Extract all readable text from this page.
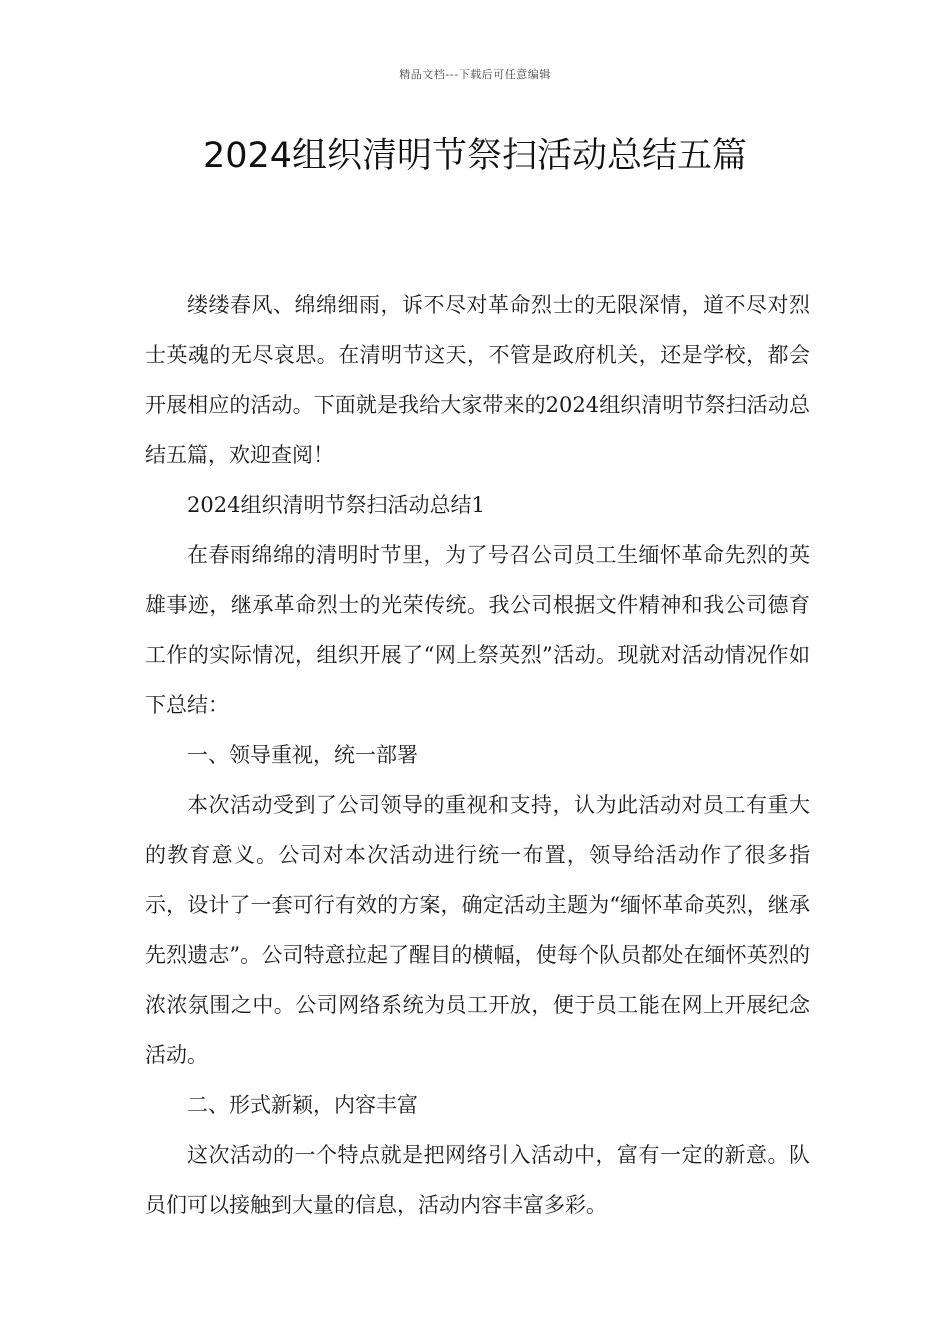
精品文档---下载后可任意编辑
2024组织清明节祭扫活动总结五篇

缕缕春风、绵绵细雨，诉不尽对革命烈士的无限深情，道不尽对烈士英魂的无尽哀思。在清明节这天，不管是政府机关，还是学校，都会开展相应的活动。下面就是我给大家带来的2024组织清明节祭扫活动总结五篇，欢迎查阅！

2024组织清明节祭扫活动总结1

在春雨绵绵的清明时节里，为了号召公司员工生缅怀革命先烈的英雄事迹，继承革命烈士的光荣传统。我公司根据文件精神和我公司德育工作的实际情况，组织开展了“网上祭英烈”活动。现就对活动情况作如下总结：

一、领导重视，统一部署

本次活动受到了公司领导的重视和支持，认为此活动对员工有重大的教育意义。公司对本次活动进行统一布置，领导给活动作了很多指示，设计了一套可行有效的方案，确定活动主题为“缅怀革命英烈，继承先烈遗志”。公司特意拉起了醒目的横幅，使每个队员都处在缅怀英烈的浓浓氛围之中。公司网络系统为员工开放，便于员工能在网上开展纪念活动。

二、形式新颖，内容丰富

这次活动的一个特点就是把网络引入活动中，富有一定的新意。队员们可以接触到大量的信息，活动内容丰富多彩。
